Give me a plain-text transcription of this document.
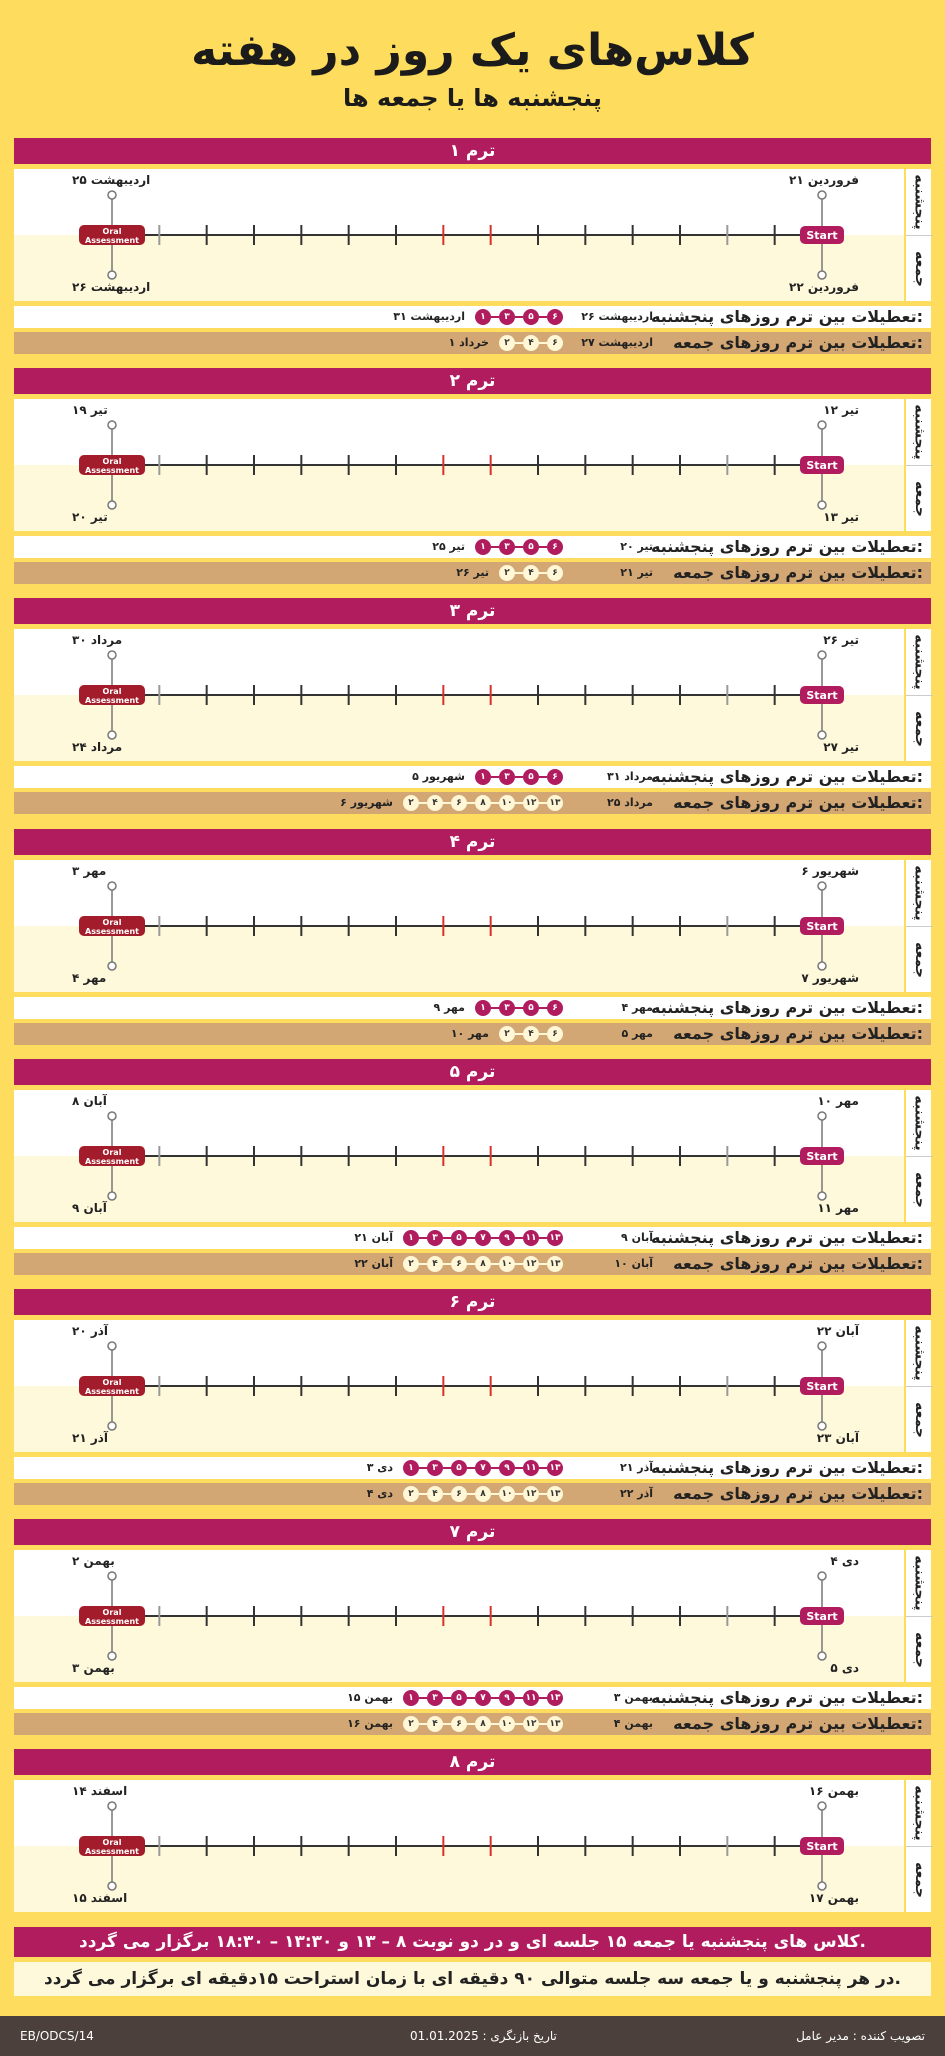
کلاس‌های یک روز در هفته
پنجشنبه ها یا جمعه ها
ترم ۱
پنجشنبه
جمعه
Oral
Assessment	Start
۲۵ اردیبهشت
۲۶ اردیبهشت
۲۱ فروردین
۲۲ فروردین
تعطیلات بین ترم روزهای پنجشنبه:
۲۶ اردیبهشت
۱	۳	۵	۶
۳۱ اردیبهشت
تعطیلات بین ترم روزهای جمعه:
۲۷ اردیبهشت
۲	۴	۶
۱ خرداد
ترم ۲
پنجشنبه
جمعه
Oral
Assessment	Start
۱۹ تیر
۲۰ تیر
۱۲ تیر
۱۳ تیر
تعطیلات بین ترم روزهای پنجشنبه:
۲۰ تیر
۱	۳	۵	۶
۲۵ تیر
تعطیلات بین ترم روزهای جمعه:
۲۱ تیر
۲	۴	۶
۲۶ تیر
ترم ۳
پنجشنبه
جمعه
Oral
Assessment	Start
۳۰ مرداد
۲۴ مرداد
۲۶ تیر
۲۷ تیر
تعطیلات بین ترم روزهای پنجشنبه:
۳۱ مرداد
۱	۳	۵	۶
۵ شهریور
تعطیلات بین ترم روزهای جمعه:
۲۵ مرداد
۲	۴	۶	۸	۱۰ ۱۲ ۱۳
۶ شهریور
ترم ۴
پنجشنبه
جمعه
Oral
Assessment	Start
۳ مهر
۴ مهر
۶ شهریور
۷ شهریور
تعطیلات بین ترم روزهای پنجشنبه:
۴ مهر
۱	۳	۵	۶
۹ مهر
تعطیلات بین ترم روزهای جمعه:
۵ مهر
۲	۴	۶
۱۰ مهر
ترم ۵
پنجشنبه
جمعه
Oral
Assessment	Start
۸ آبان
۹ آبان
۱۰ مهر
۱۱ مهر
تعطیلات بین ترم روزهای پنجشنبه:
۹ آبان
۱	۳	۵	۷	۹	۱۱ ۱۳
۲۱ آبان
تعطیلات بین ترم روزهای جمعه:
۱۰ آبان
۲	۴	۶	۸	۱۰ ۱۲ ۱۳
۲۲ آبان
ترم ۶
پنجشنبه
جمعه
Oral
Assessment	Start
۲۰ آذر
۲۱ آذر
۲۲ آبان
۲۳ آبان
تعطیلات بین ترم روزهای پنجشنبه:
۲۱ آذر
۱	۳	۵	۷	۹	۱۱ ۱۳
۳ دی
تعطیلات بین ترم روزهای جمعه:
۲۲ آذر
۲	۴	۶	۸	۱۰ ۱۲ ۱۳
۴ دی
ترم ۷
پنجشنبه
جمعه
Oral
Assessment	Start
۲ بهمن
۳ بهمن
۴ دی
۵ دی
تعطیلات بین ترم روزهای پنجشنبه:
۳ بهمن
۱	۳	۵	۷	۹	۱۱ ۱۳
۱۵ بهمن
تعطیلات بین ترم روزهای جمعه:
۴ بهمن
۲	۴	۶	۸	۱۰ ۱۲ ۱۳
۱۶ بهمن
ترم ۸
پنجشنبه
جمعه
Oral
Assessment	Start
۱۴ اسفند
۱۵ اسفند
۱۶ بهمن
۱۷ بهمن
کلاس های پنجشنبه یا جمعه ۱۵ جلسه ای و در دو نوبت ۸ – ۱۳ و ۱۳:۳۰ – ۱۸:۳۰ برگزار می گردد.
در هر پنجشنبه و یا جمعه سه جلسه متوالی ۹۰ دقیقه ای با زمان استراحت ۱۵دقیقه ای برگزار می گردد.
تصویب کننده : مدیر عامل
تاریخ بازنگری : 01.01.2025
EB/ODCS/14
